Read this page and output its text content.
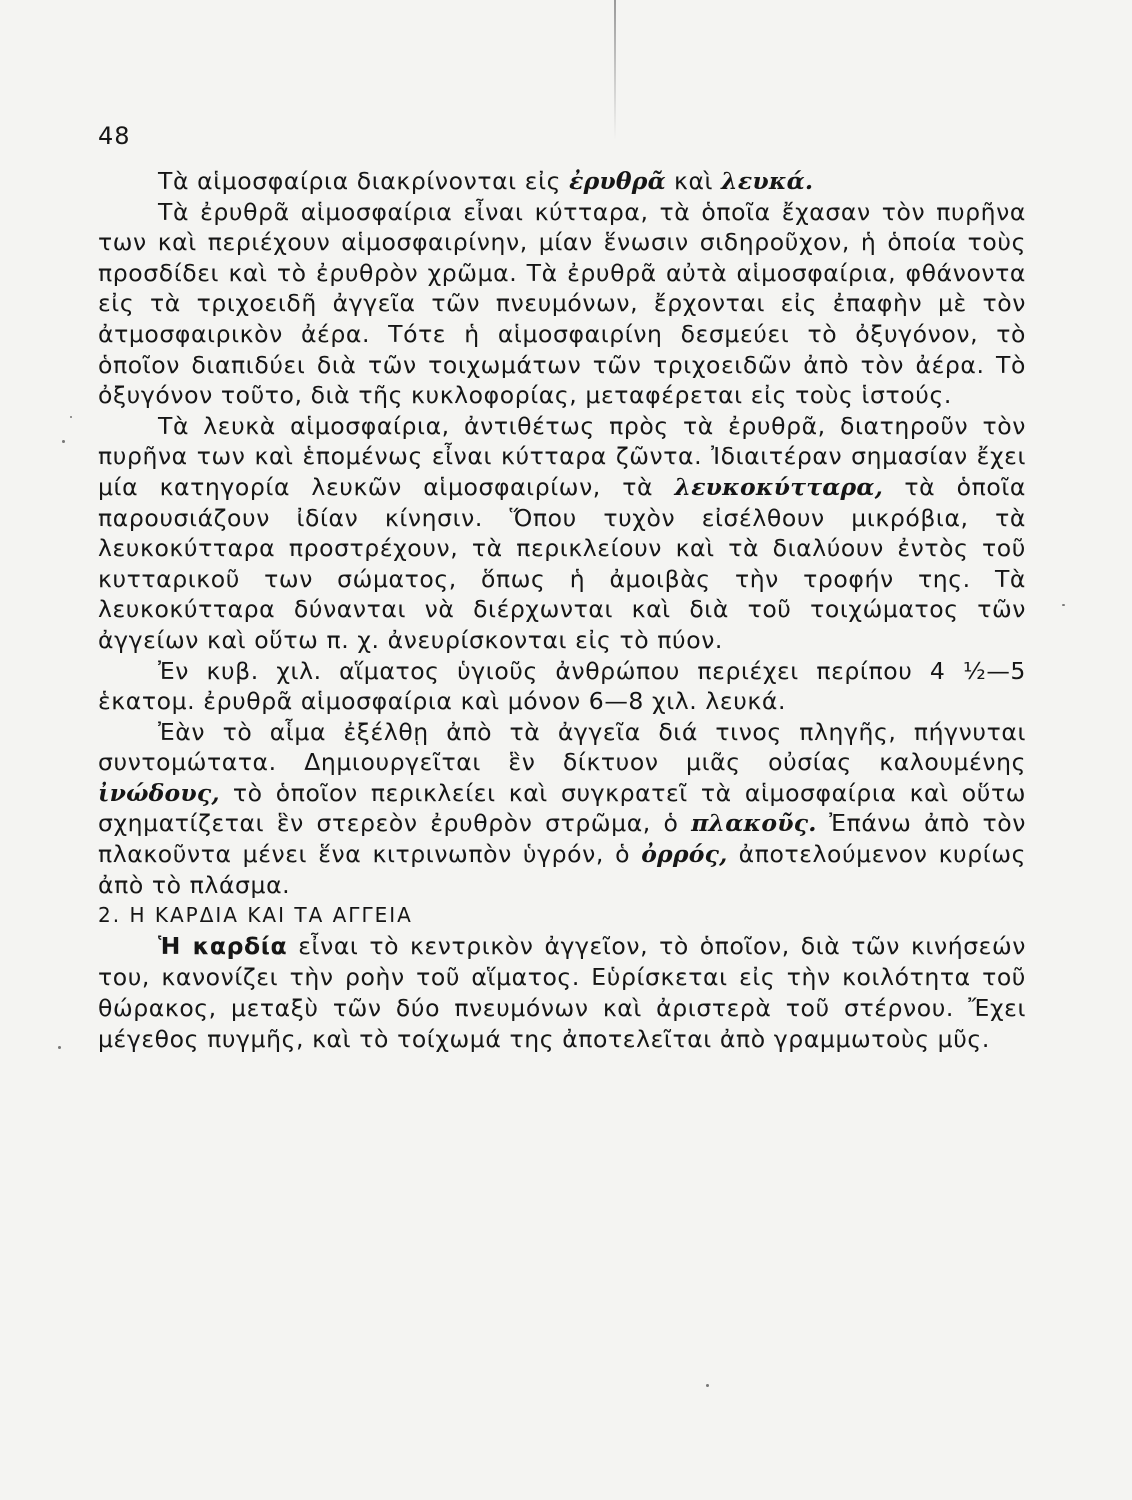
48

Τὰ αἱμοσφαίρια διακρίνονται εἰς ἐρυθρᾶ καὶ λευκά.

Τὰ ἐρυθρᾶ αἱμοσφαίρια εἶναι κύτταρα, τὰ ὁποῖα ἔχασαν τὸν πυρῆνα των καὶ περιέχουν αἱμοσφαιρίνην, μίαν ἕνωσιν σιδηροῦχον, ἡ ὁποία τοὺς προσδίδει καὶ τὸ ἐρυθρὸν χρῶμα. Τὰ ἐρυθρᾶ αὐτὰ αἱμοσφαίρια, φθάνοντα εἰς τὰ τριχοειδῆ ἀγγεῖα τῶν πνευμόνων, ἔρχονται εἰς ἐπαφὴν μὲ τὸν ἀτμοσφαιρικὸν ἀέρα. Τότε ἡ αἱμοσφαιρίνη δεσμεύει τὸ ὀξυγόνον, τὸ ὁποῖον διαπιδύει διὰ τῶν τοιχωμάτων τῶν τριχοειδῶν ἀπὸ τὸν ἀέρα. Τὸ ὀξυγόνον τοῦτο, διὰ τῆς κυκλοφορίας, μεταφέρεται εἰς τοὺς ἱστούς.

Τὰ λευκὰ αἱμοσφαίρια, ἀντιθέτως πρὸς τὰ ἐρυθρᾶ, διατηροῦν τὸν πυρῆνα των καὶ ἑπομένως εἶναι κύτταρα ζῶντα. Ἰδιαιτέραν σημασίαν ἔχει μία κατηγορία λευκῶν αἱμοσφαιρίων, τὰ λευκοκύτταρα, τὰ ὁποῖα παρουσιάζουν ἰδίαν κίνησιν. Ὅπου τυχὸν εἰσέλθουν μικρόβια, τὰ λευκοκύτταρα προστρέχουν, τὰ περικλείουν καὶ τὰ διαλύουν ἐντὸς τοῦ κυτταρικοῦ των σώματος, ὅπως ἡ ἀμοιβὰς τὴν τροφήν της. Τὰ λευκοκύτταρα δύνανται νὰ διέρχωνται καὶ διὰ τοῦ τοιχώματος τῶν ἀγγείων καὶ οὕτω π. χ. ἀνευρίσκονται εἰς τὸ πύον.

Ἐν κυβ. χιλ. αἵματος ὑγιοῦς ἀνθρώπου περιέχει περίπου 4 ½—5 ἑκατομ. ἐρυθρᾶ αἱμοσφαίρια καὶ μόνον 6—8 χιλ. λευκά.

Ἐὰν τὸ αἷμα ἐξέλθῃ ἀπὸ τὰ ἀγγεῖα διά τινος πληγῆς, πήγνυται συντομώτατα. Δημιουργεῖται ἓν δίκτυον μιᾶς οὐσίας καλουμένης ἰνώδους, τὸ ὁποῖον περικλείει καὶ συγκρατεῖ τὰ αἱμοσφαίρια καὶ οὕτω σχηματίζεται ἓν στερεὸν ἐρυθρὸν στρῶμα, ὁ πλακοῦς. Ἐπάνω ἀπὸ τὸν πλακοῦντα μένει ἕνα κιτρινωπὸν ὑγρόν, ὁ ὀρρός, ἀποτελούμενον κυρίως ἀπὸ τὸ πλάσμα.

2. Η ΚΑΡΔΙΑ ΚΑΙ ΤΑ ΑΓΓΕΙΑ

Ἡ καρδία εἶναι τὸ κεντρικὸν ἀγγεῖον, τὸ ὁποῖον, διὰ τῶν κινήσεών του, κανονίζει τὴν ροὴν τοῦ αἵματος. Εὑρίσκεται εἰς τὴν κοιλότητα τοῦ θώρακος, μεταξὺ τῶν δύο πνευμόνων καὶ ἀριστερὰ τοῦ στέρνου. Ἔχει μέγεθος πυγμῆς, καὶ τὸ τοίχωμά της ἀποτελεῖται ἀπὸ γραμμωτοὺς μῦς.
